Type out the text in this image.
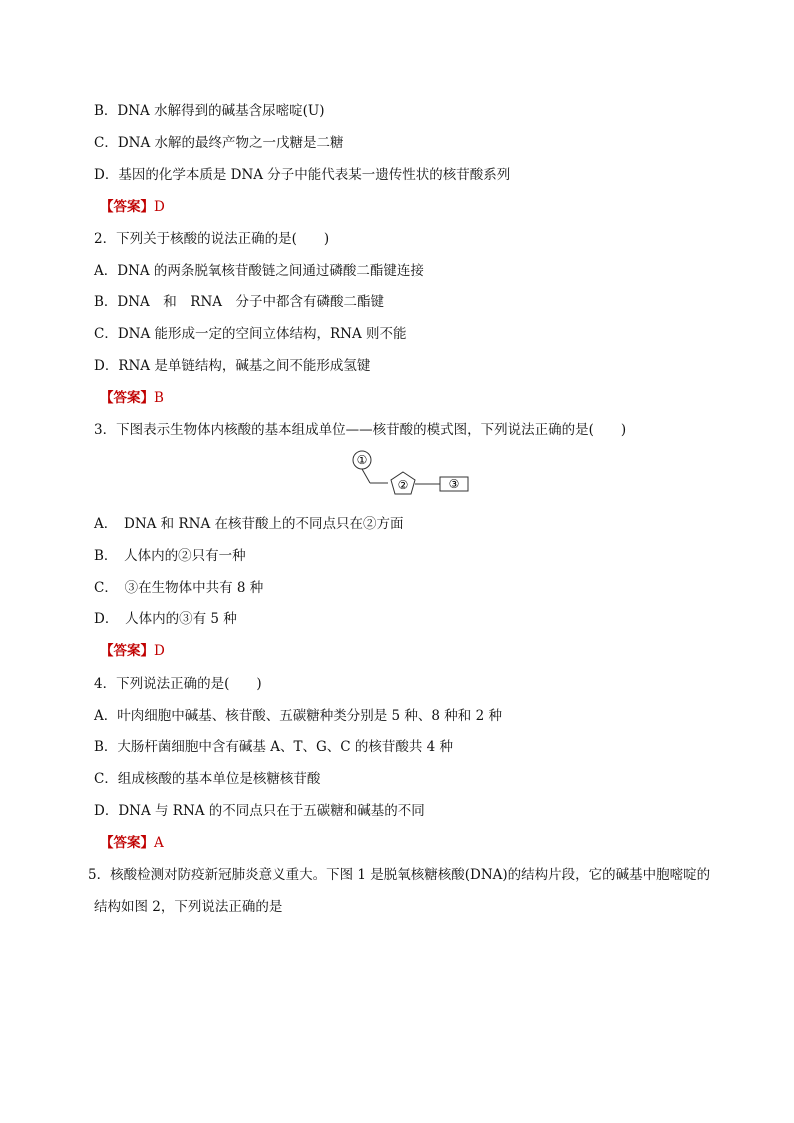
B．DNA 水解得到的碱基含尿嘧啶(U)
C．DNA 水解的最终产物之一戊糖是二糖
D．基因的化学本质是 DNA 分子中能代表某一遗传性状的核苷酸系列
【答案】D
2．下列关于核酸的说法正确的是(　　)
A．DNA 的两条脱氧核苷酸链之间通过磷酸二酯键连接
B．DNA　和　RNA　分子中都含有磷酸二酯键
C．DNA 能形成一定的空间立体结构，RNA 则不能
D．RNA 是单链结构，碱基之间不能形成氢键
【答案】B
3．下图表示生物体内核酸的基本组成单位——核苷酸的模式图，下列说法正确的是(　　)
①
②	③
A．　DNA 和 RNA 在核苷酸上的不同点只在②方面
B．　人体内的②只有一种
C．　③在生物体中共有 8 种
D．　人体内的③有 5 种
【答案】D
4．下列说法正确的是(　　)
A．叶肉细胞中碱基、核苷酸、五碳糖种类分别是 5 种、8 种和 2 种
B．大肠杆菌细胞中含有碱基 A、T、G、C 的核苷酸共 4 种
C．组成核酸的基本单位是核糖核苷酸
D．DNA 与 RNA 的不同点只在于五碳糖和碱基的不同
【答案】A
5．核酸检测对防疫新冠肺炎意义重大。下图 1 是脱氧核糖核酸(DNA)的结构片段，它的碱基中胞嘧啶的
结构如图 2，下列说法正确的是
